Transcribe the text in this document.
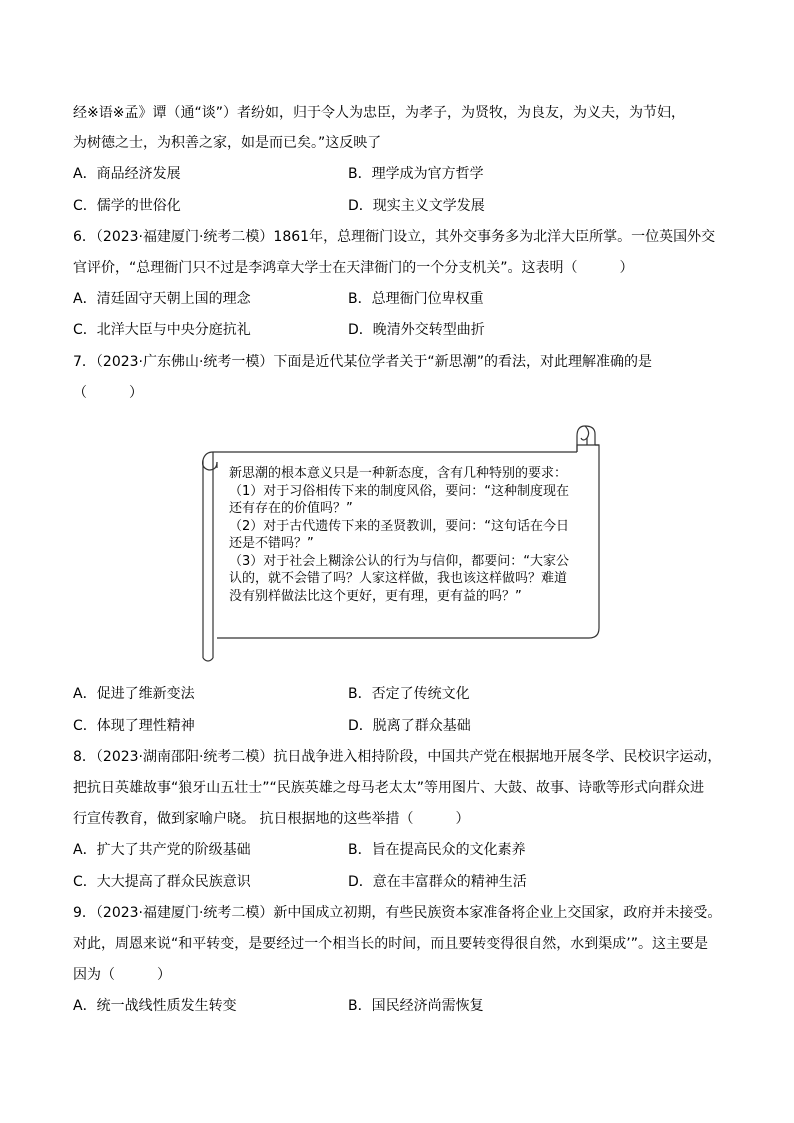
经※语※孟》谭（通“谈”）者纷如，归于令人为忠臣，为孝子，为贤牧，为良友，为义夫，为节妇，
为树德之士，为积善之家，如是而已矣。”这反映了
A．商品经济发展	B．理学成为官方哲学
C．儒学的世俗化	D．现实主义文学发展
6．（2023·福建厦门·统考二模）1861年，总理衙门设立，其外交事务多为北洋大臣所掌。一位英国外交
官评价，“总理衙门只不过是李鸿章大学士在天津衙门的一个分支机关”。这表明（　　　）
A．清廷固守天朝上国的理念	B．总理衙门位卑权重
C．北洋大臣与中央分庭抗礼	D．晚清外交转型曲折
7．（2023·广东佛山·统考一模）下面是近代某位学者关于“新思潮”的看法，对此理解准确的是
（　　　）
新思潮的根本意义只是一种新态度，含有几种特别的要求：
（1）对于习俗相传下来的制度风俗，要问：“这种制度现在
还有存在的价值吗？”
（2）对于古代遗传下来的圣贤教训，要问：“这句话在今日
还是不错吗？”
（3）对于社会上糊涂公认的行为与信仰，都要问：“大家公
认的，就不会错了吗？人家这样做，我也该这样做吗？难道
没有别样做法比这个更好，更有理，更有益的吗？”
A．促进了维新变法	B．否定了传统文化
C．体现了理性精神	D．脱离了群众基础
8．（2023·湖南邵阳·统考二模）抗日战争进入相持阶段，中国共产党在根据地开展冬学、民校识字运动，
把抗日英雄故事“狼牙山五壮士”“民族英雄之母马老太太”等用图片、大鼓、故事、诗歌等形式向群众进
行宣传教育，做到家喻户晓。 抗日根据地的这些举措（　　　）
A．扩大了共产党的阶级基础	B．旨在提高民众的文化素养
C．大大提高了群众民族意识	D．意在丰富群众的精神生活
9．（2023·福建厦门·统考二模）新中国成立初期，有些民族资本家准备将企业上交国家，政府并未接受。
对此，周恩来说“和平转变，是要经过一个相当长的时间，而且要转变得很自然，水到渠成’”。这主要是
因为（　　　）
A．统一战线性质发生转变	B．国民经济尚需恢复
